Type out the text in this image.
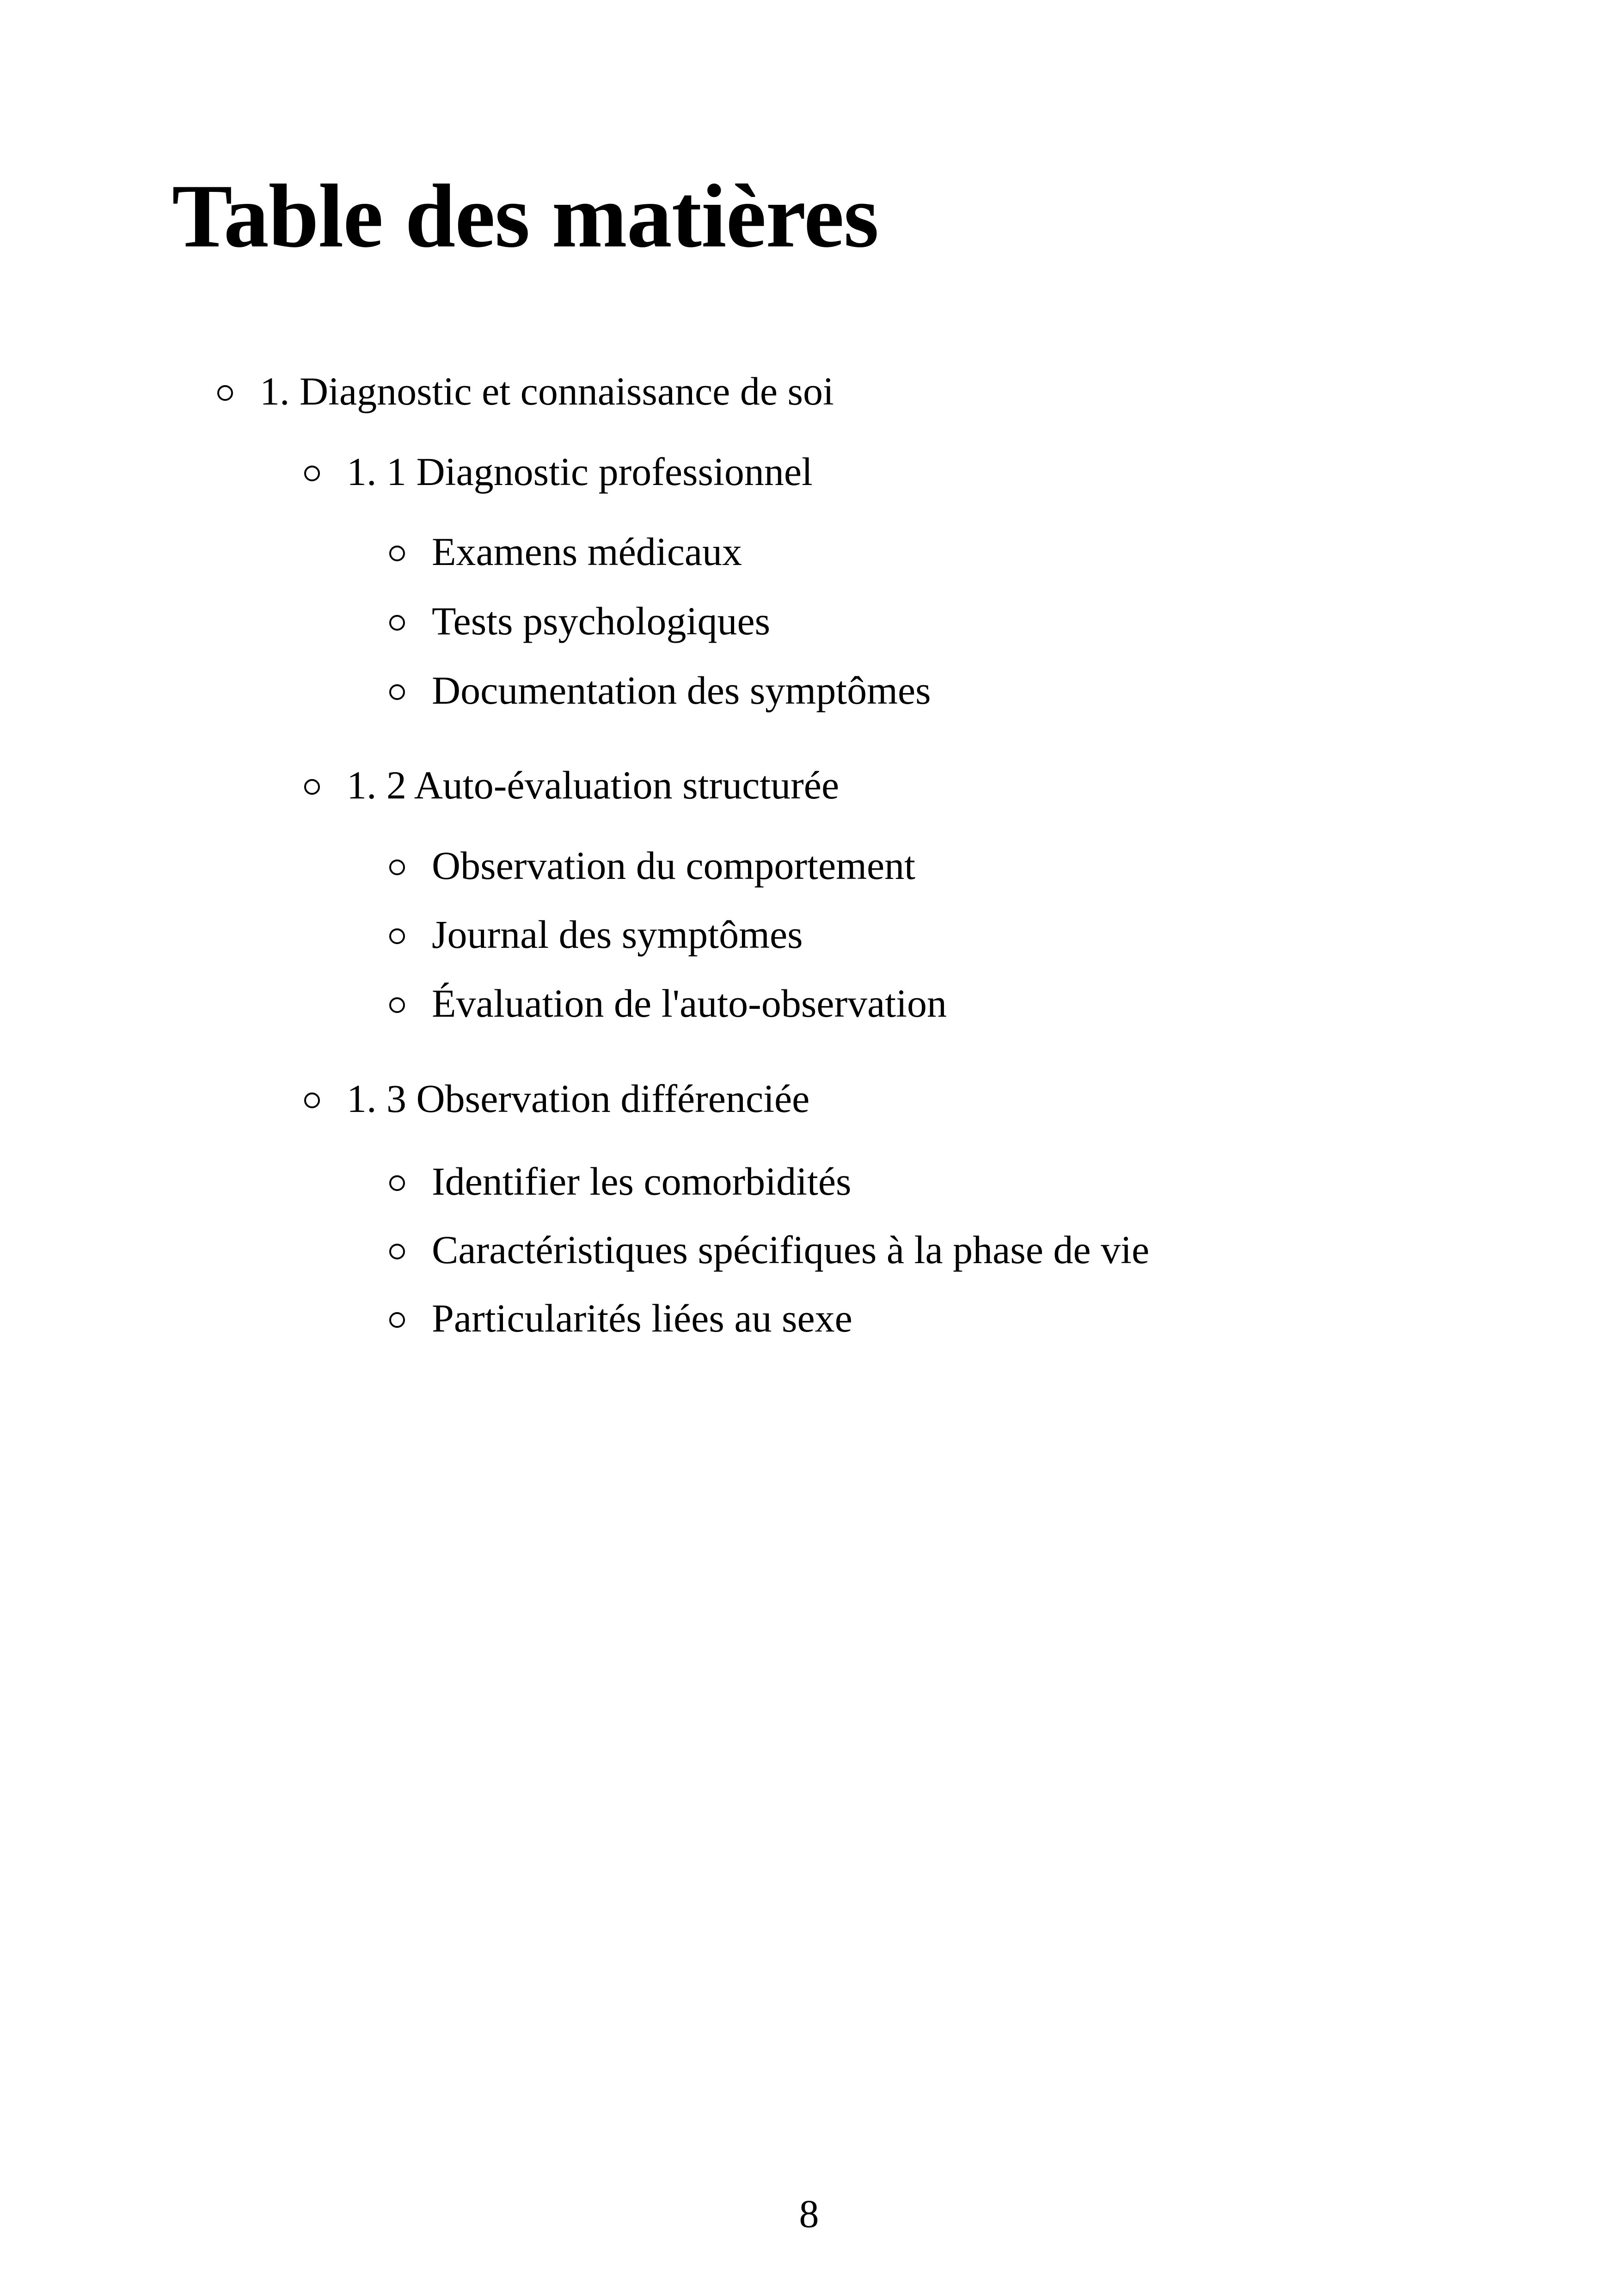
Table des matières
1. Diagnostic et connaissance de soi
1. 1 Diagnostic professionnel
Examens médicaux
Tests psychologiques
Documentation des symptômes
1. 2 Auto-évaluation structurée
Observation du comportement
Journal des symptômes
Évaluation de l'auto-observation
1. 3 Observation différenciée
Identifier les comorbidités
Caractéristiques spécifiques à la phase de vie
Particularités liées au sexe
8
